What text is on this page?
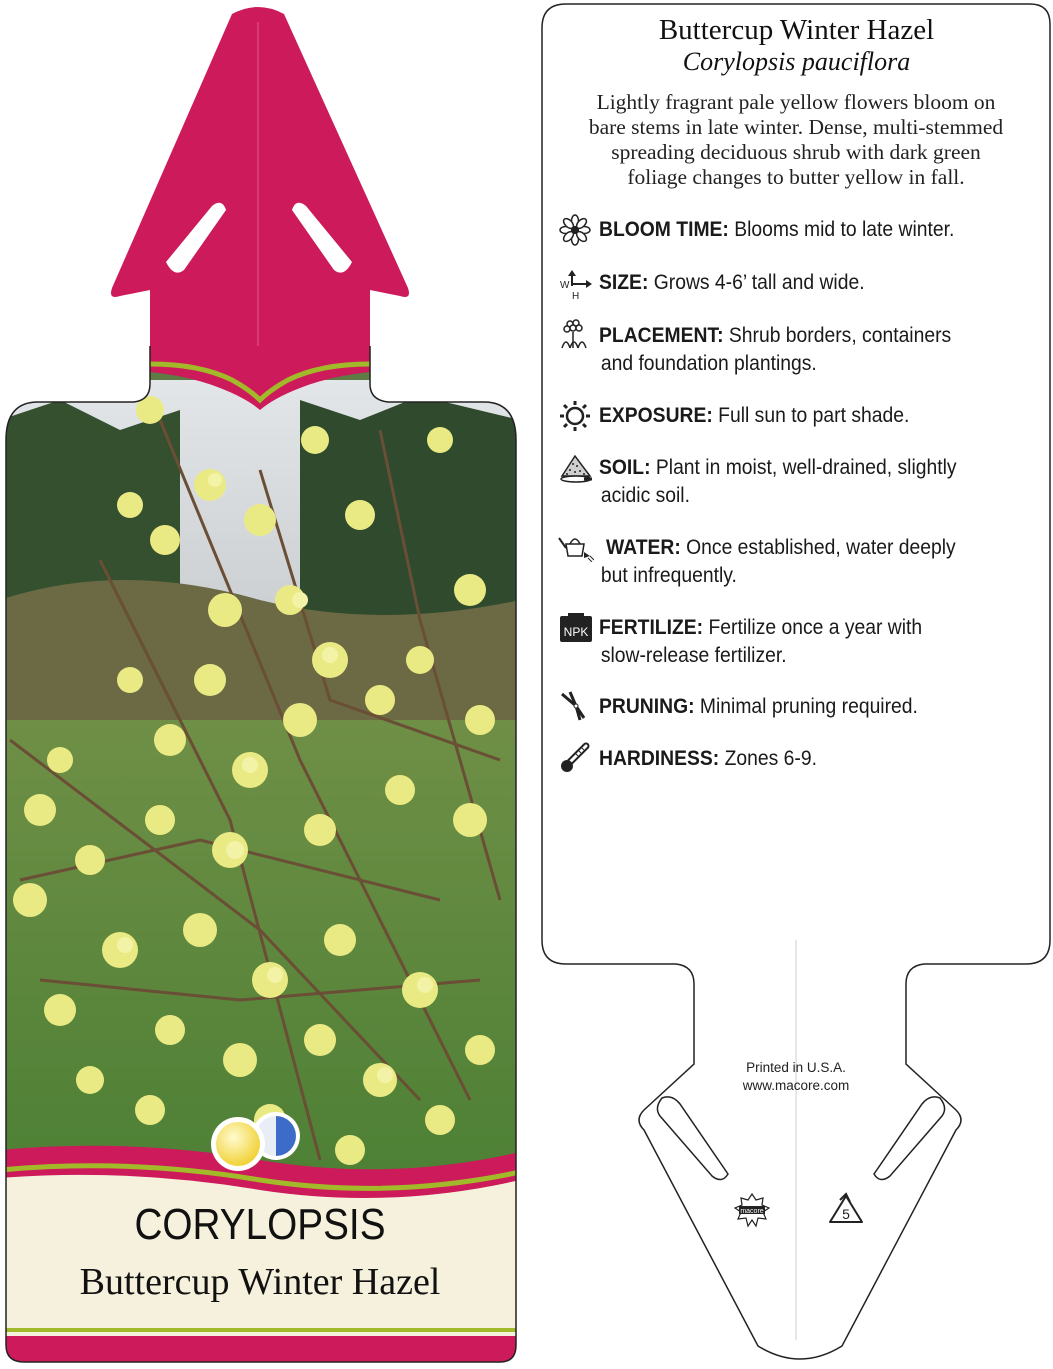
CORYLOPSIS
Buttercup Winter Hazel
macore	5
Buttercup Winter Hazel
Corylopsis pauciflora
Lightly fragrant pale yellow flowers bloom on
bare stems in late winter. Dense, multi-stemmed
spreading deciduous shrub with dark green
foliage changes to butter yellow in fall.
W
H
NPK
BLOOM TIME: Blooms mid to late winter.
SIZE: Grows 4-6’ tall and wide.
PLACEMENT: Shrub borders, containers
and foundation plantings.
EXPOSURE: Full sun to part shade.
SOIL: Plant in moist, well-drained, slightly
acidic soil.
WATER: Once established, water deeply
but infrequently.
FERTILIZE: Fertilize once a year with
slow-release fertilizer.
PRUNING: Minimal pruning required.
HARDINESS: Zones 6-9.
Printed in U.S.A.
www.macore.com
